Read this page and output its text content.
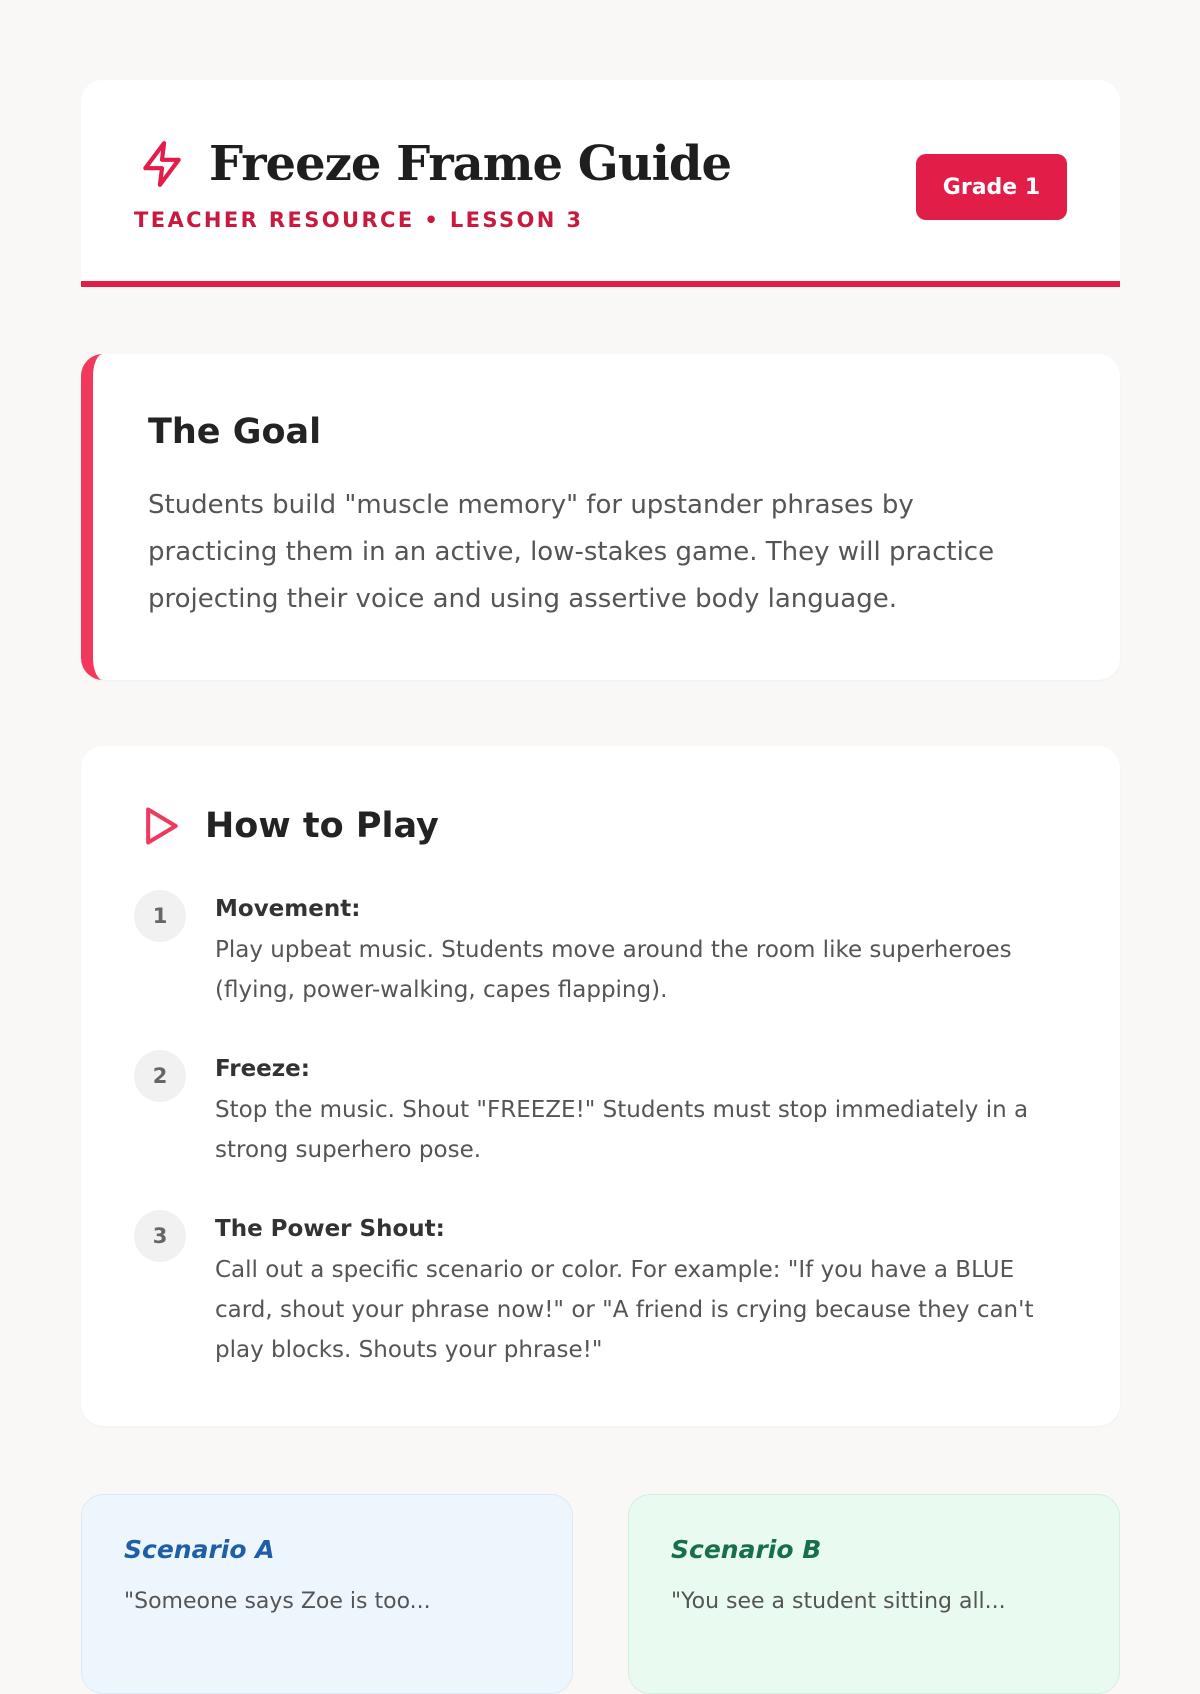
Freeze Frame Guide
TEACHER RESOURCE • LESSON 3
Grade 1
The Goal

Students build "muscle memory" for upstander phrases by practicing them in an active, low-stakes game. They will practice projecting their voice and using assertive body language.

How to Play
1	Movement:
Play upbeat music. Students move around the room like superheroes (flying, power-walking, capes flapping).
2	Freeze:
Stop the music. Shout "FREEZE!" Students must stop immediately in a strong superhero pose.
3	The Power Shout:
Call out a specific scenario or color. For example: "If you have a BLUE card, shout your phrase now!" or "A friend is crying because they can't play blocks. Shouts your phrase!"
Scenario A
"Someone says Zoe is too...
Scenario B
"You see a student sitting all...
